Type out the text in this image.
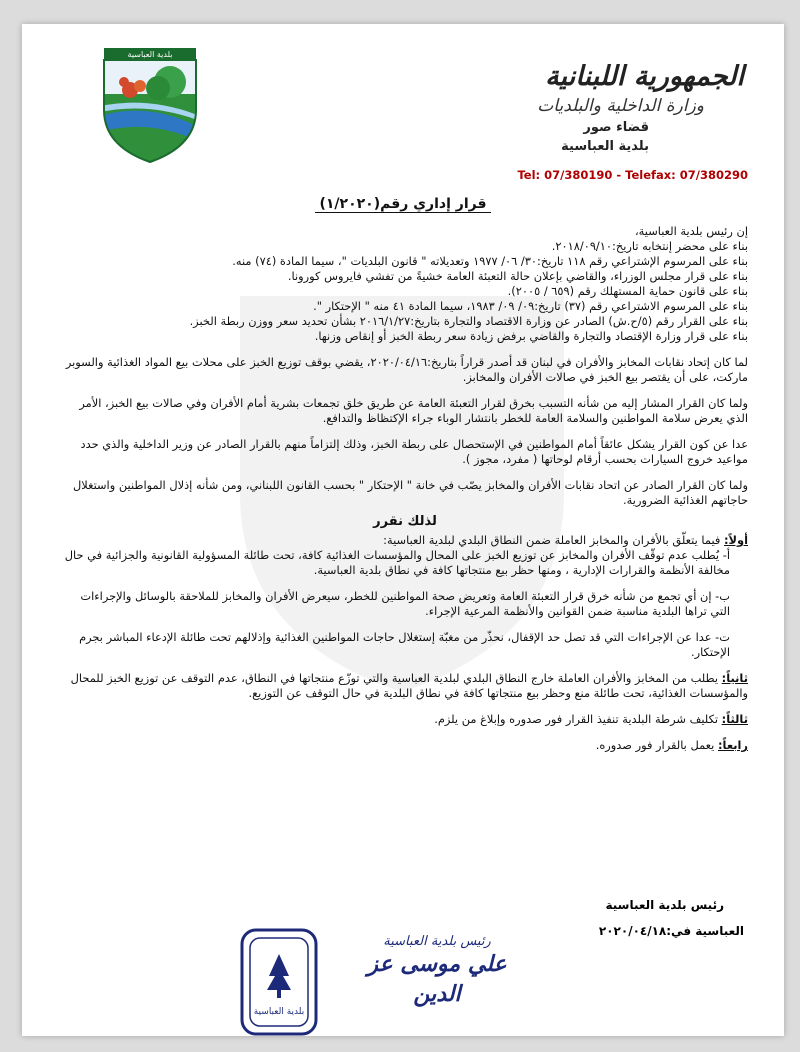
بلدية العباسية
الجمهورية اللبنانية
وزارة الداخلية والبلديات
قضاء صور
بلدية العباسية
Tel: 07/380190 - Telefax: 07/380290
قرار إداري رقم(١/٢٠٢٠)

إن رئيس بلدية العباسية،

بناء على محضر إنتخابه تاريخ:٢٠١٨/٠٩/١٠.

بناء على المرسوم الإشتراعي رقم ١١٨ تاريخ:٣٠/ ٠٦/ ١٩٧٧ وتعديلاته " قانون البلديات "، سيما المادة (٧٤) منه.

بناء على قرار مجلس الوزراء، والقاضي بإعلان حالة التعبئة العامة خشيةً من تفشي فايروس كورونا.

بناء على قانون حماية المستهلك رقم (٦٥٩ / ٢٠٠٥).

بناء على المرسوم الاشتراعي رقم (٣٧) تاريخ:٠٩/ ٠٩/ ١٩٨٣، سيما المادة ٤١ منه " الإحتكار ".

بناء على القرار رقم (٥/ح.ش) الصادر عن وزارة الاقتصاد والتجارة بتاريخ:٢٠١٦/١/٢٧ بشأن تحديد سعر ووزن ربطة الخبز.

بناء على قرار وزارة الإقتصاد والتجارة والقاضي برفض زيادة سعر ربطة الخبز أو إنقاص وزنها.

لما كان إتحاد نقابات المخابز والأفران في لبنان قد أصدر قراراً بتاريخ:٢٠٢٠/٠٤/١٦، يقضي بوقف توزيع الخبز على محلات بيع المواد الغذائية والسوبر ماركت، على أن يقتصر بيع الخبز في صالات الأفران والمخابز.

ولما كان القرار المشار إليه من شأنه التسبب بخرق لقرار التعبئة العامة عن طريق خلق تجمعات بشرية أمام الأفران وفي صالات بيع الخبز، الأمر الذي يعرض سلامة المواطنين والسلامة العامة للخطر بانتشار الوباء جراء الإكتظاظ والتدافع.

عدا عن كون القرار يشكل عائقاً أمام المواطنين في الإستحصال على ربطة الخبز، وذلك إلتزاماً منهم بالقرار الصادر عن وزير الداخلية والذي حدد مواعيد خروج السيارات بحسب أرقام لوحاتها ( مفرد، مجوز ).

ولما كان القرار الصادر عن اتحاد نقابات الأفران والمخابز يصّب في خانة " الإحتكار " بحسب القانون اللبناني، ومن شأنه إذلال المواطنين واستغلال حاجاتهم الغذائية الضرورية.

لذلك نقرر

أولاً: فيما يتعلّق بالأفران والمخابز العاملة ضمن النطاق البلدي لبلدية العباسية:

أ- يُطلب عدم توقّف الأفران والمخابز عن توزيع الخبز على المحال والمؤسسات الغذائية كافة، تحت طائلة المسؤولية القانونية والجزائية في حال مخالفة الأنظمة والقرارات الإدارية ، ومنها حظر بيع منتجاتها كافة في نطاق بلدية العباسية.

ب- إن أي تجمع من شأنه خرق قرار التعبئة العامة وتعريض صحة المواطنين للخطر، سيعرض الأفران والمخابز للملاحقة بالوسائل والإجراءات التي تراها البلدية مناسبة ضمن القوانين والأنظمة المرعية الإجراء.

ت- عدا عن الإجراءات التي قد تصل حد الإقفال، نحذّر من مغبّة إستغلال حاجات المواطنين الغذائية وإذلالهم تحت طائلة الإدعاء المباشر بجرم الإحتكار.

ثانياً: يطلب من المخابز والأفران العاملة خارج النطاق البلدي لبلدية العباسية والتي توزّع منتجاتها في النطاق، عدم التوقف عن توزيع الخبز للمحال والمؤسسات الغذائية، تحت طائلة منع وحظر بيع منتجاتها كافة في نطاق البلدية في حال التوقف عن التوزيع.

ثالثاً: تكليف شرطة البلدية تنفيذ القرار فور صدوره وإبلاغ من يلزم.

رابعاً: يعمل بالقرار فور صدوره.

رئيس بلدية العباسية
العباسية في:٢٠٢٠/٠٤/١٨
بلدية العباسية
رئيس بلدية العباسية
علي موسى عز الدين
